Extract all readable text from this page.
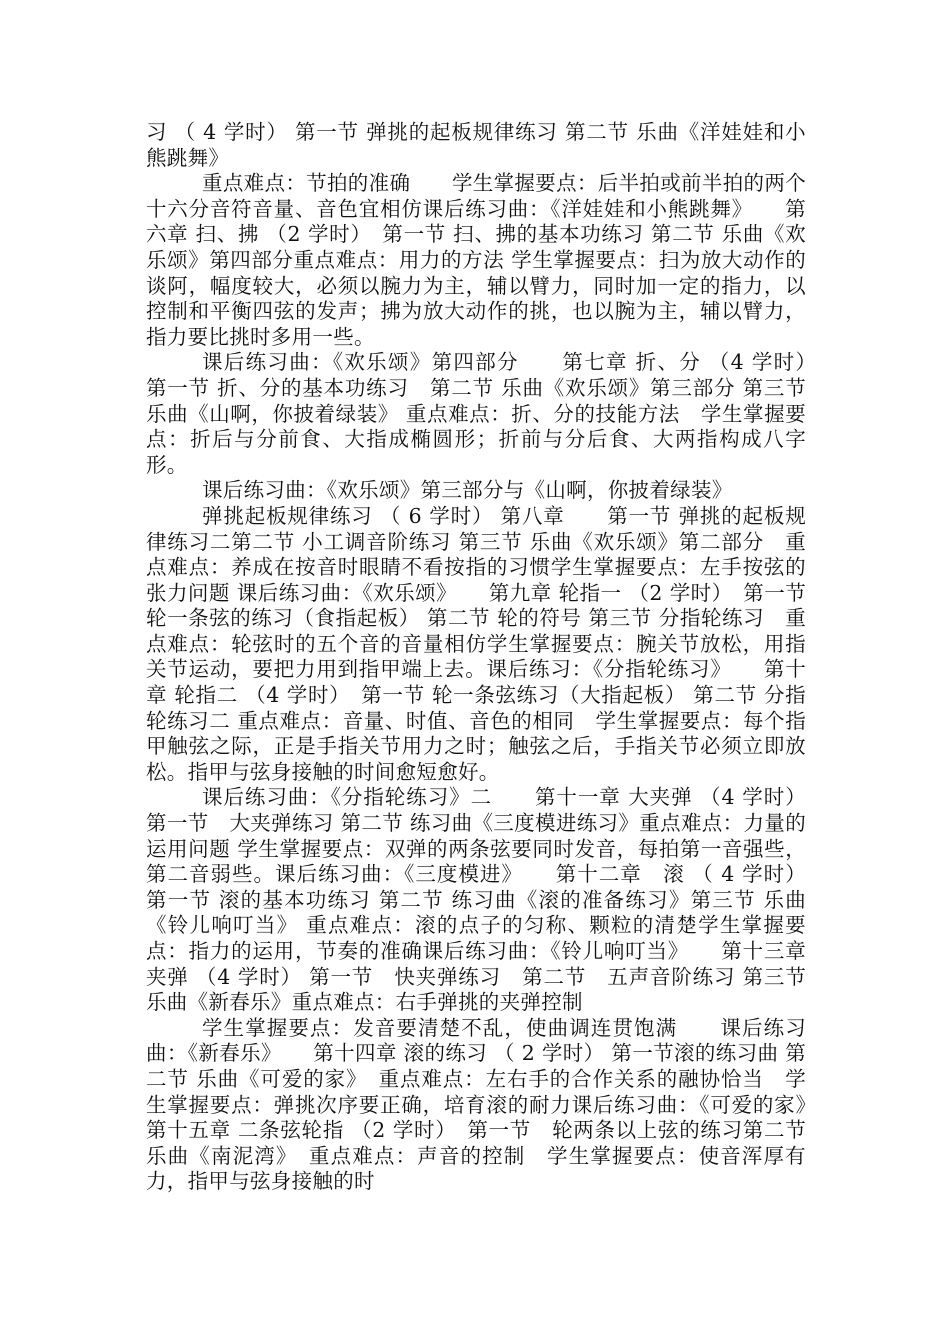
习 （ 4 学时） 第一节 弹挑的起板规律练习 第二节 乐曲《洋娃娃和小熊跳舞》

重点难点：节拍的准确　　学生掌握要点：后半拍或前半拍的两个十六分音符音量、音色宜相仿课后练习曲：《洋娃娃和小熊跳舞》　　第六章 扫、拂 （2 学时）　第一节 扫、拂的基本功练习 第二节 乐曲《欢乐颂》第四部分重点难点：用力的方法 学生掌握要点：扫为放大动作的谈阿，幅度较大，必须以腕力为主，辅以臂力，同时加一定的指力，以控制和平衡四弦的发声；拂为放大动作的挑，也以腕为主，辅以臂力，指力要比挑时多用一些。

课后练习曲：《欢乐颂》第四部分　　第七章 折、分 （4 学时）　第一节 折、分的基本功练习　第二节 乐曲《欢乐颂》第三部分 第三节 乐曲《山啊，你披着绿装》 重点难点：折、分的技能方法　学生掌握要点：折后与分前食、大指成椭圆形；折前与分后食、大两指构成八字形。

课后练习曲：《欢乐颂》第三部分与《山啊，你披着绿装》

弹挑起板规律练习 （ 6 学时） 第八章　　第一节 弹挑的起板规律练习二第二节 小工调音阶练习 第三节 乐曲《欢乐颂》第二部分　重点难点：养成在按音时眼睛不看按指的习惯学生掌握要点：左手按弦的张力问题 课后练习曲：《欢乐颂》　　第九章 轮指一 （2 学时）　第一节 轮一条弦的练习（食指起板） 第二节 轮的符号 第三节 分指轮练习　重点难点：轮弦时的五个音的音量相仿学生掌握要点：腕关节放松，用指关节运动，要把力用到指甲端上去。课后练习：《分指轮练习》　　第十章 轮指二 （4 学时）　第一节 轮一条弦练习（大指起板） 第二节 分指轮练习二 重点难点：音量、时值、音色的相同　学生掌握要点：每个指甲触弦之际，正是手指关节用力之时；触弦之后，手指关节必须立即放松。指甲与弦身接触的时间愈短愈好。

课后练习曲：《分指轮练习》二　　第十一章 大夹弹 （4 学时） 第一节　大夹弹练习 第二节 练习曲《三度模进练习》重点难点：力量的运用问题 学生掌握要点：双弹的两条弦要同时发音，每拍第一音强些，第二音弱些。课后练习曲：《三度模进》　　第十二章　滚 （ 4 学时） 第一节 滚的基本功练习 第二节 练习曲《滚的准备练习》第三节 乐曲《铃儿响叮当》 重点难点：滚的点子的匀称、颗粒的清楚学生掌握要点：指力的运用，节奏的准确课后练习曲：《铃儿响叮当》　　第十三章 夹弹 （4 学时） 第一节　快夹弹练习　第二节　五声音阶练习 第三节 乐曲《新春乐》重点难点：右手弹挑的夹弹控制

学生掌握要点：发音要清楚不乱，使曲调连贯饱满　　课后练习曲：《新春乐》　　第十四章 滚的练习 （ 2 学时） 第一节滚的练习曲 第二节 乐曲《可爱的家》　重点难点：左右手的合作关系的融协恰当　学生掌握要点：弹挑次序要正确，培育滚的耐力课后练习曲：《可爱的家》　　第十五章 二条弦轮指 （2 学时）　第一节　轮两条以上弦的练习第二节　乐曲《南泥湾》　重点难点：声音的控制　学生掌握要点：使音浑厚有力，指甲与弦身接触的时
